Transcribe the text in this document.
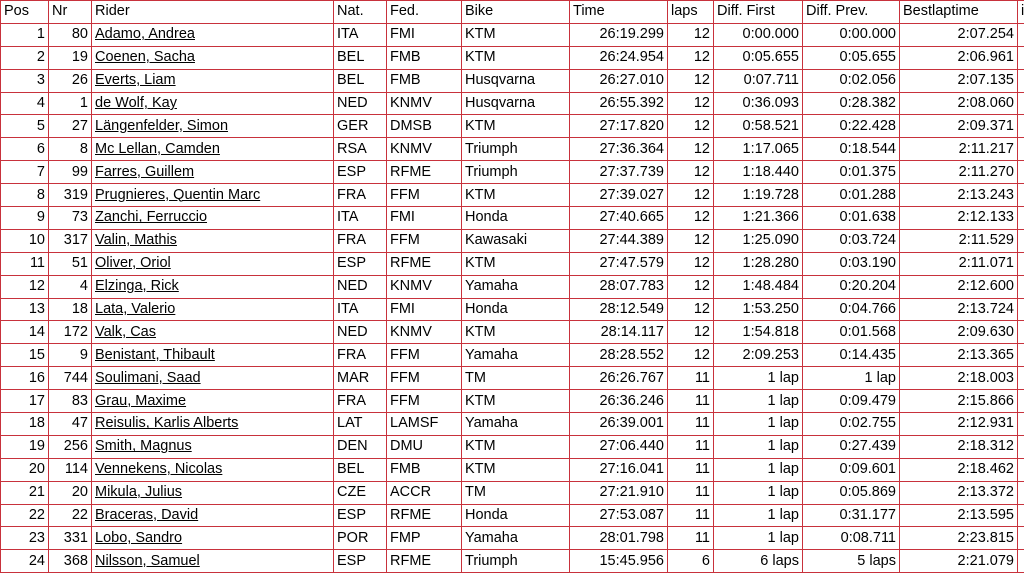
Pos	Nr	Rider	Nat.	Fed.	Bike	Time	laps	Diff. First	Diff. Prev.	Bestlaptime	i
1	80	Adamo, Andrea	ITA	FMI	KTM	26:19.299	12	0:00.000	0:00.000	2:07.254	
2	19	Coenen, Sacha	BEL	FMB	KTM	26:24.954	12	0:05.655	0:05.655	2:06.961	
3	26	Everts, Liam	BEL	FMB	Husqvarna	26:27.010	12	0:07.711	0:02.056	2:07.135	
4	1	de Wolf, Kay	NED	KNMV	Husqvarna	26:55.392	12	0:36.093	0:28.382	2:08.060	
5	27	Längenfelder, Simon	GER	DMSB	KTM	27:17.820	12	0:58.521	0:22.428	2:09.371	
6	8	Mc Lellan, Camden	RSA	KNMV	Triumph	27:36.364	12	1:17.065	0:18.544	2:11.217	
7	99	Farres, Guillem	ESP	RFME	Triumph	27:37.739	12	1:18.440	0:01.375	2:11.270	
8	319	Prugnieres, Quentin Marc	FRA	FFM	KTM	27:39.027	12	1:19.728	0:01.288	2:13.243	
9	73	Zanchi, Ferruccio	ITA	FMI	Honda	27:40.665	12	1:21.366	0:01.638	2:12.133	
10	317	Valin, Mathis	FRA	FFM	Kawasaki	27:44.389	12	1:25.090	0:03.724	2:11.529	
11	51	Oliver, Oriol	ESP	RFME	KTM	27:47.579	12	1:28.280	0:03.190	2:11.071	
12	4	Elzinga, Rick	NED	KNMV	Yamaha	28:07.783	12	1:48.484	0:20.204	2:12.600	
13	18	Lata, Valerio	ITA	FMI	Honda	28:12.549	12	1:53.250	0:04.766	2:13.724	
14	172	Valk, Cas	NED	KNMV	KTM	28:14.117	12	1:54.818	0:01.568	2:09.630	
15	9	Benistant, Thibault	FRA	FFM	Yamaha	28:28.552	12	2:09.253	0:14.435	2:13.365	
16	744	Soulimani, Saad	MAR	FFM	TM	26:26.767	11	1 lap	1 lap	2:18.003	
17	83	Grau, Maxime	FRA	FFM	KTM	26:36.246	11	1 lap	0:09.479	2:15.866	
18	47	Reisulis, Karlis Alberts	LAT	LAMSF	Yamaha	26:39.001	11	1 lap	0:02.755	2:12.931	
19	256	Smith, Magnus	DEN	DMU	KTM	27:06.440	11	1 lap	0:27.439	2:18.312	
20	114	Vennekens, Nicolas	BEL	FMB	KTM	27:16.041	11	1 lap	0:09.601	2:18.462	
21	20	Mikula, Julius	CZE	ACCR	TM	27:21.910	11	1 lap	0:05.869	2:13.372	
22	22	Braceras, David	ESP	RFME	Honda	27:53.087	11	1 lap	0:31.177	2:13.595	
23	331	Lobo, Sandro	POR	FMP	Yamaha	28:01.798	11	1 lap	0:08.711	2:23.815	
24	368	Nilsson, Samuel	ESP	RFME	Triumph	15:45.956	6	6 laps	5 laps	2:21.079	
